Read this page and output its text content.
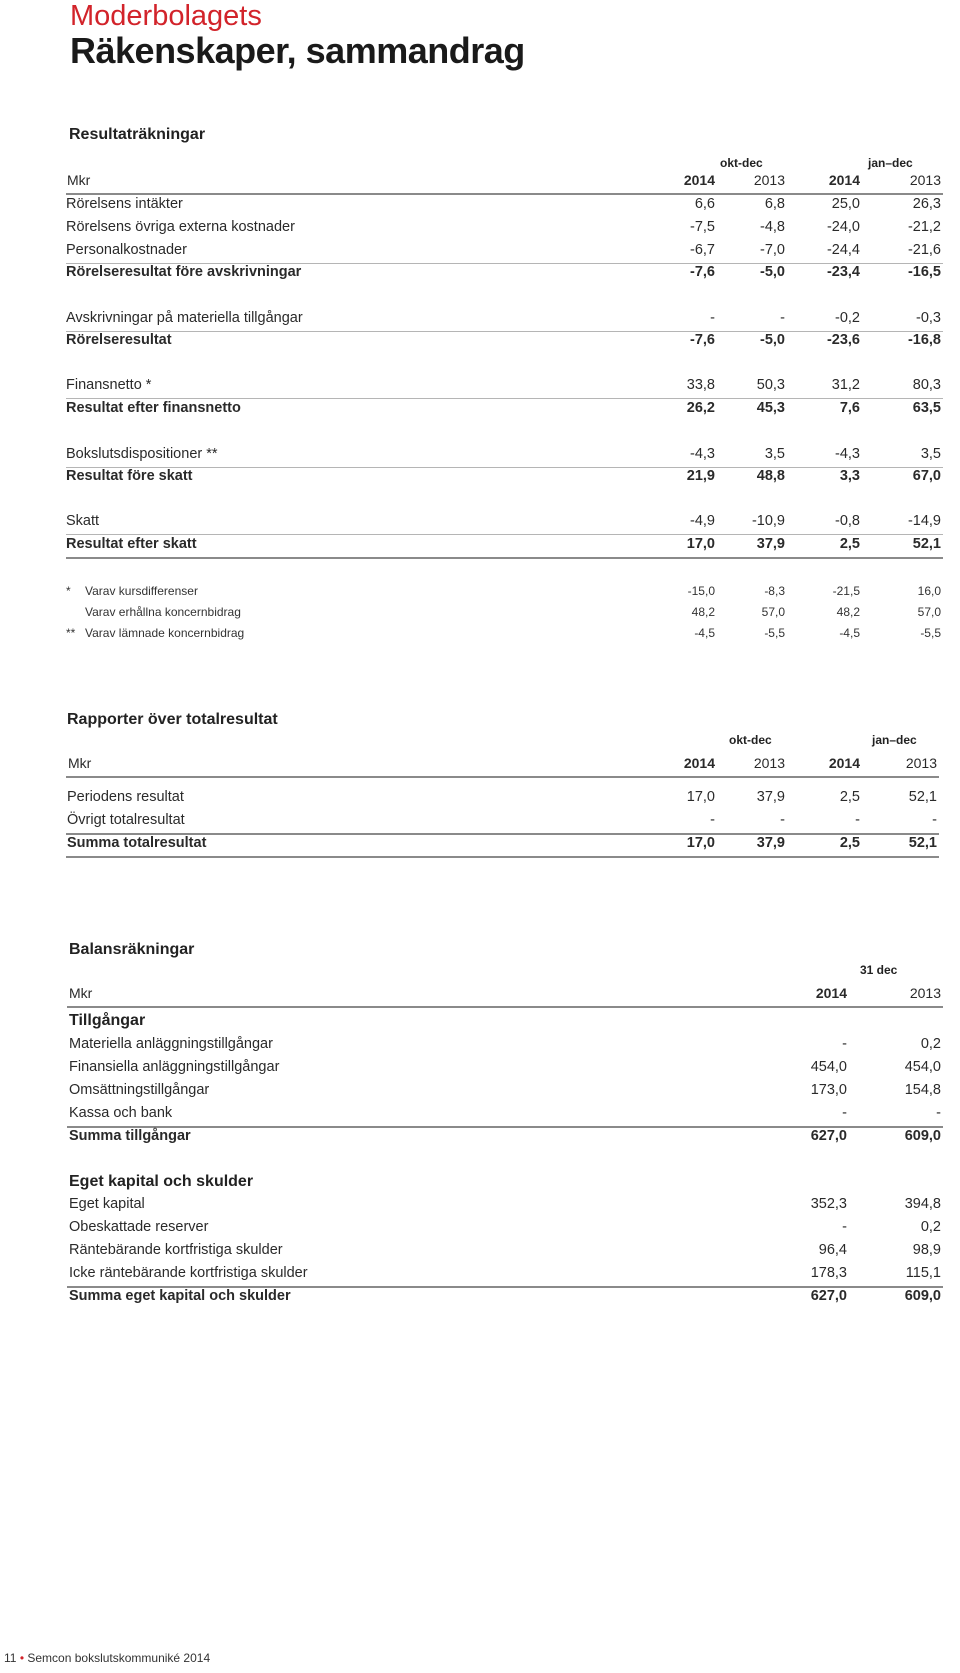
Moderbolagets
Räkenskaper, sammandrag
Resultaträkningar
okt-dec	jan–dec
Mkr	2014	2013	2014	2013
Rörelsens intäkter	6,6	6,8	25,0	26,3
Rörelsens övriga externa kostnader	-7,5	-4,8	-24,0	-21,2
Personalkostnader	-6,7	-7,0	-24,4	-21,6
Rörelseresultat före avskrivningar	-7,6	-5,0	-23,4	-16,5
Avskrivningar på materiella tillgångar	-	-	-0,2	-0,3
Rörelseresultat	-7,6	-5,0	-23,6	-16,8
Finansnetto *	33,8	50,3	31,2	80,3
Resultat efter finansnetto	26,2	45,3	7,6	63,5
Bokslutsdispositioner **	-4,3	3,5	-4,3	3,5
Resultat före skatt	21,9	48,8	3,3	67,0
Skatt	-4,9	-10,9	-0,8	-14,9
Resultat efter skatt	17,0	37,9	2,5	52,1
* Varav kursdifferenser	-15,0	-8,3	-21,5	16,0
Varav erhållna koncernbidrag	48,2	57,0	48,2	57,0
** Varav lämnade koncernbidrag	-4,5	-5,5	-4,5	-5,5
Rapporter över totalresultat
okt-dec	jan–dec
Mkr	2014	2013	2014	2013
Periodens resultat	17,0	37,9	2,5	52,1
Övrigt totalresultat	-	-	-	-
Summa totalresultat	17,0	37,9	2,5	52,1
Balansräkningar
31 dec
Mkr	2014	2013
Tillgångar
Materiella anläggningstillgångar	-	0,2
Finansiella anläggningstillgångar	454,0	454,0
Omsättningstillgångar	173,0	154,8
Kassa och bank	-	-
Summa tillgångar	627,0	609,0
Eget kapital och skulder
Eget kapital	352,3	394,8
Obeskattade reserver	-	0,2
Räntebärande kortfristiga skulder	96,4	98,9
Icke räntebärande kortfristiga skulder	178,3	115,1
Summa eget kapital och skulder	627,0	609,0
11 • Semcon bokslutskommuniké 2014
